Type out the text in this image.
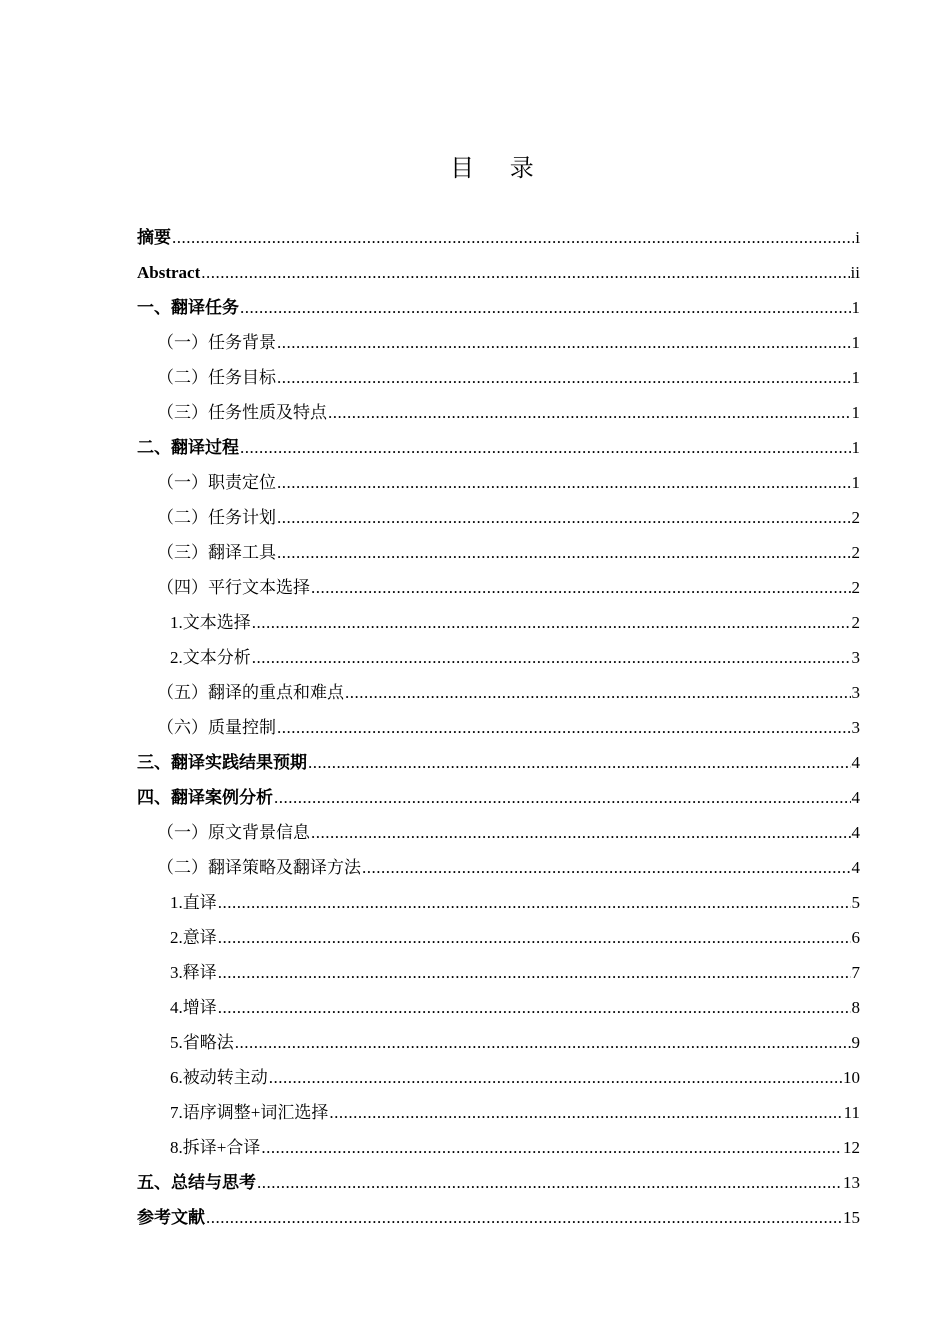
目 录
摘要 .....	i
Abstract .....	ii
一、翻译任务 .....	1
（一）任务背景 .....	1
（二）任务目标 .....	1
（三）任务性质及特点 .....	1
二、翻译过程 .....	1
（一）职责定位 .....	1
（二）任务计划 .....	2
（三）翻译工具 .....	2
（四）平行文本选择 .....	2
1.文本选择 .....	2
2.文本分析 .....	3
（五）翻译的重点和难点 .....	3
（六）质量控制 .....	3
三、翻译实践结果预期 .....	4
四、翻译案例分析 .....	4
（一）原文背景信息 .....	4
（二）翻译策略及翻译方法 .....	4
1.直译 .....	5
2.意译 .....	6
3.释译 .....	7
4.增译 .....	8
5.省略法 .....	9
6.被动转主动 .....	10
7.语序调整+词汇选择 .....	11
8.拆译+合译 .....	12
五、总结与思考 .....	13
参考文献 .....	15
